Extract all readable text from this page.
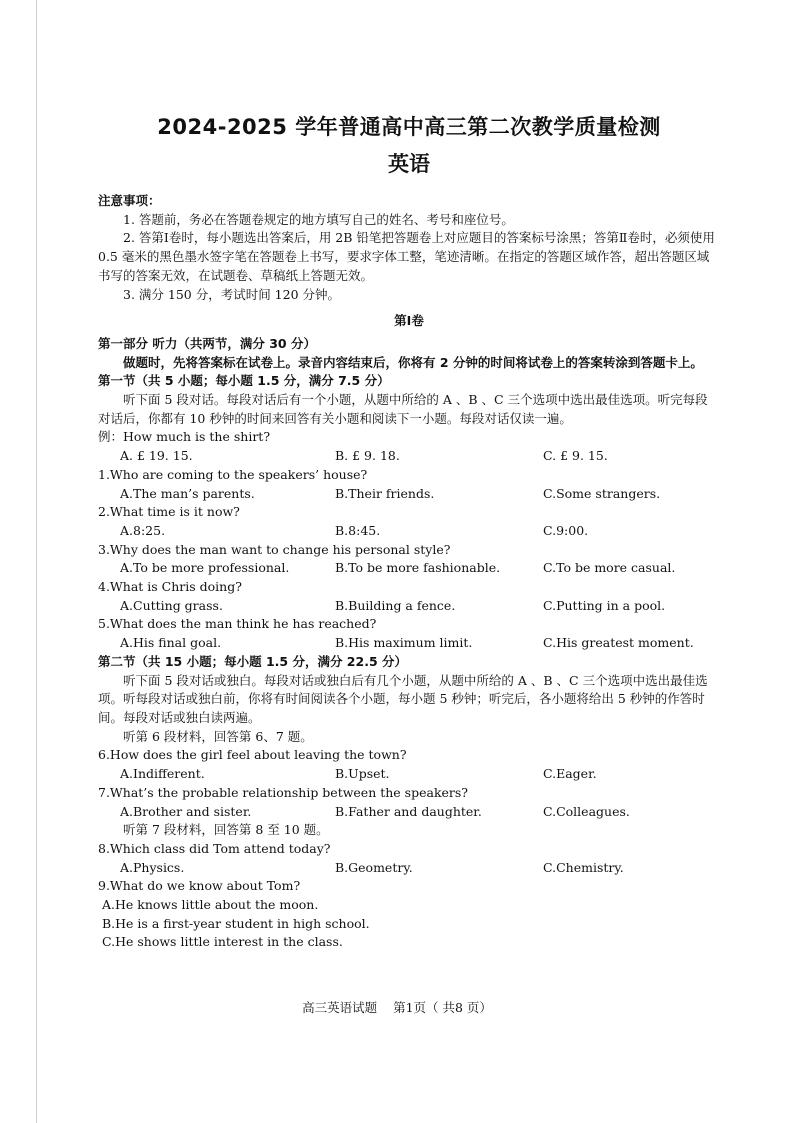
2024-2025 学年普通高中高三第二次教学质量检测
英语

注意事项：

1. 答题前，务必在答题卷规定的地方填写自己的姓名、考号和座位号。

2. 答第Ⅰ卷时，每小题选出答案后，用 2B 铅笔把答题卷上对应题目的答案标号涂黑；答第Ⅱ卷时，必须使用 0.5 毫米的黑色墨水签字笔在答题卷上书写，要求字体工整，笔迹清晰。在指定的答题区域作答，超出答题区域书写的答案无效，在试题卷、草稿纸上答题无效。

3. 满分 150 分，考试时间 120 分钟。

第Ⅰ卷

第一部分 听力（共两节，满分 30 分）

做题时，先将答案标在试卷上。录音内容结束后，你将有 2 分钟的时间将试卷上的答案转涂到答题卡上。

第一节（共 5 小题；每小题 1.5 分，满分 7.5 分）

听下面 5 段对话。每段对话后有一个小题，从题中所给的 A 、B 、C 三个选项中选出最佳选项。听完每段对话后，你都有 10 秒钟的时间来回答有关小题和阅读下一小题。每段对话仅读一遍。

例：How much is the shirt?

A. £ 19. 15.	B. £ 9. 18.	C. £ 9. 15.

1.Who are coming to the speakers’ house?

A.The man’s parents.	B.Their friends.	C.Some strangers.

2.What time is it now?

A.8:25.	B.8:45.	C.9:00.

3.Why does the man want to change his personal style?

A.To be more professional.	B.To be more fashionable.	C.To be more casual.

4.What is Chris doing?

A.Cutting grass.	B.Building a fence.	C.Putting in a pool.

5.What does the man think he has reached?

A.His final goal.	B.His maximum limit.	C.His greatest moment.

第二节（共 15 小题；每小题 1.5 分，满分 22.5 分）

听下面 5 段对话或独白。每段对话或独白后有几个小题，从题中所给的 A 、B 、C 三个选项中选出最佳选项。听每段对话或独白前，你将有时间阅读各个小题，每小题 5 秒钟；听完后，各小题将给出 5 秒钟的作答时间。每段对话或独白读两遍。

听第 6 段材料，回答第 6、7 题。

6.How does the girl feel about leaving the town?

A.Indifferent.	B.Upset.	C.Eager.

7.What’s the probable relationship between the speakers?

A.Brother and sister.	B.Father and daughter.	C.Colleagues.

听第 7 段材料，回答第 8 至 10 题。

8.Which class did Tom attend today?

A.Physics.	B.Geometry.	C.Chemistry.

9.What do we know about Tom?

A.He knows little about the moon.

B.He is a first-year student in high school.

C.He shows little interest in the class.

高三英语试题 第1页（ 共8 页）
